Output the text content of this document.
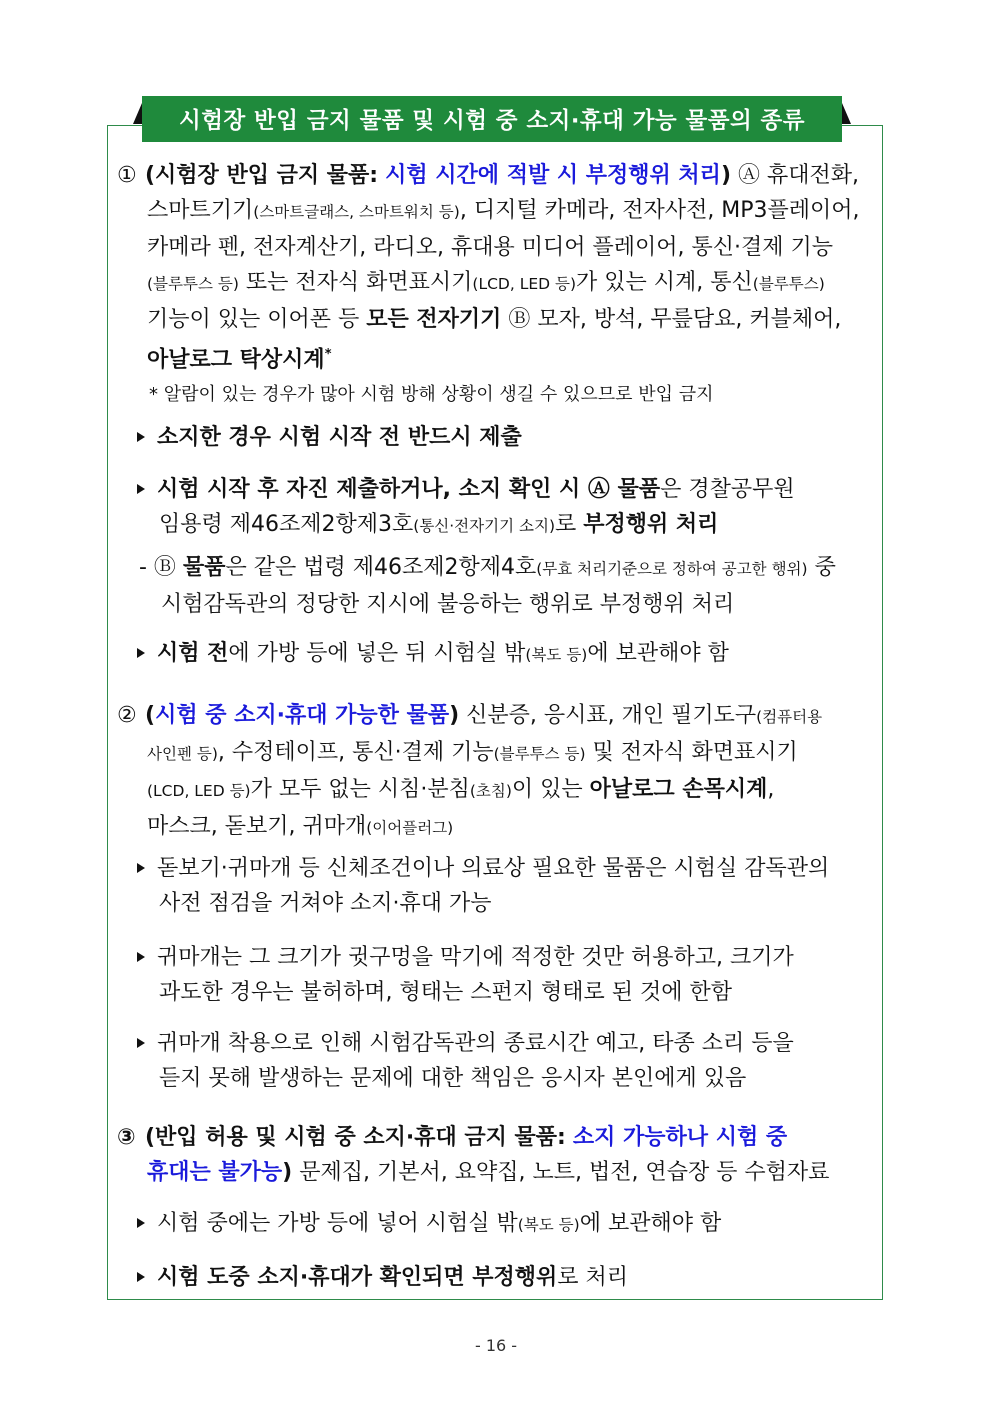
시험장 반입 금지 물품 및 시험 중 소지·휴대 가능 물품의 종류
① (시험장 반입 금지 물품: 시험 시간에 적발 시 부정행위 처리) Ⓐ 휴대전화,
스마트기기(스마트글래스, 스마트워치 등), 디지털 카메라, 전자사전, MP3플레이어,
카메라 펜, 전자계산기, 라디오, 휴대용 미디어 플레이어, 통신·결제 기능
(블루투스 등) 또는 전자식 화면표시기(LCD, LED 등)가 있는 시계, 통신(블루투스)
기능이 있는 이어폰 등 모든 전자기기 Ⓑ 모자, 방석, 무릎담요, 커블체어,
아날로그 탁상시계*
* 알람이 있는 경우가 많아 시험 방해 상황이 생길 수 있으므로 반입 금지
소지한 경우 시험 시작 전 반드시 제출
시험 시작 후 자진 제출하거나, 소지 확인 시 Ⓐ 물품은 경찰공무원
임용령 제46조제2항제3호(통신·전자기기 소지)로 부정행위 처리
- Ⓑ 물품은 같은 법령 제46조제2항제4호(무효 처리기준으로 정하여 공고한 행위) 중
시험감독관의 정당한 지시에 불응하는 행위로 부정행위 처리
시험 전에 가방 등에 넣은 뒤 시험실 밖(복도 등)에 보관해야 함
② (시험 중 소지·휴대 가능한 물품) 신분증, 응시표, 개인 필기도구(컴퓨터용
사인펜 등), 수정테이프, 통신·결제 기능(블루투스 등) 및 전자식 화면표시기
(LCD, LED 등)가 모두 없는 시침·분침(초침)이 있는 아날로그 손목시계,
마스크, 돋보기, 귀마개(이어플러그)
돋보기·귀마개 등 신체조건이나 의료상 필요한 물품은 시험실 감독관의
사전 점검을 거쳐야 소지·휴대 가능
귀마개는 그 크기가 귓구멍을 막기에 적정한 것만 허용하고, 크기가
과도한 경우는 불허하며, 형태는 스펀지 형태로 된 것에 한함
귀마개 착용으로 인해 시험감독관의 종료시간 예고, 타종 소리 등을
듣지 못해 발생하는 문제에 대한 책임은 응시자 본인에게 있음
③ (반입 허용 및 시험 중 소지·휴대 금지 물품: 소지 가능하나 시험 중
휴대는 불가능) 문제집, 기본서, 요약집, 노트, 법전, 연습장 등 수험자료
시험 중에는 가방 등에 넣어 시험실 밖(복도 등)에 보관해야 함
시험 도중 소지·휴대가 확인되면 부정행위로 처리
- 16 -
